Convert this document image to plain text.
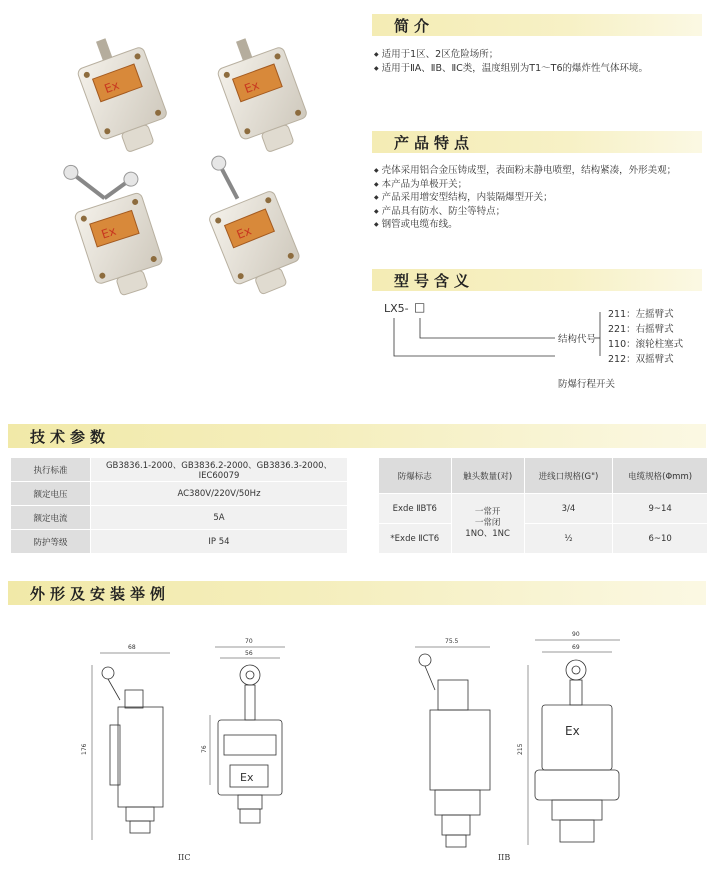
Ex	Ex
Ex	Ex
简介
◆ 适用于1区、2区危险场所；
◆ 适用于ⅡA、ⅡB、ⅡC类，温度组别为T1～T6的爆炸性气体环境。
产品特点
◆ 壳体采用铝合金压铸成型，表面粉末静电喷塑，结构紧凑，外形美观；
◆ 本产品为单极开关；
◆ 产品采用增安型结构，内装隔爆型开关；
◆ 产品具有防水、防尘等特点；
◆ 钢管或电缆布线。
型号含义
LX5- □
结构代号
防爆行程开关
211：左摇臂式
221：右摇臂式
110：滚轮柱塞式
212：双摇臂式
技术参数
执行标准	GB3836.1-2000、GB3836.2-2000、GB3836.3-2000、IEC60079
额定电压	AC380V/220V/50Hz
额定电流	5A
防护等级	IP 54
防爆标志	触头数量(对)	进线口规格(G")	电缆规格(Φmm)
Exde ⅡBT6	一常开
一常闭
1NO、1NC	3/4	9~14
*Exde ⅡCT6		½	6~10
外形及安装举例
68
176
70
56
76
Ex
75.5
90
69
215
Ex
IIC	IIB
